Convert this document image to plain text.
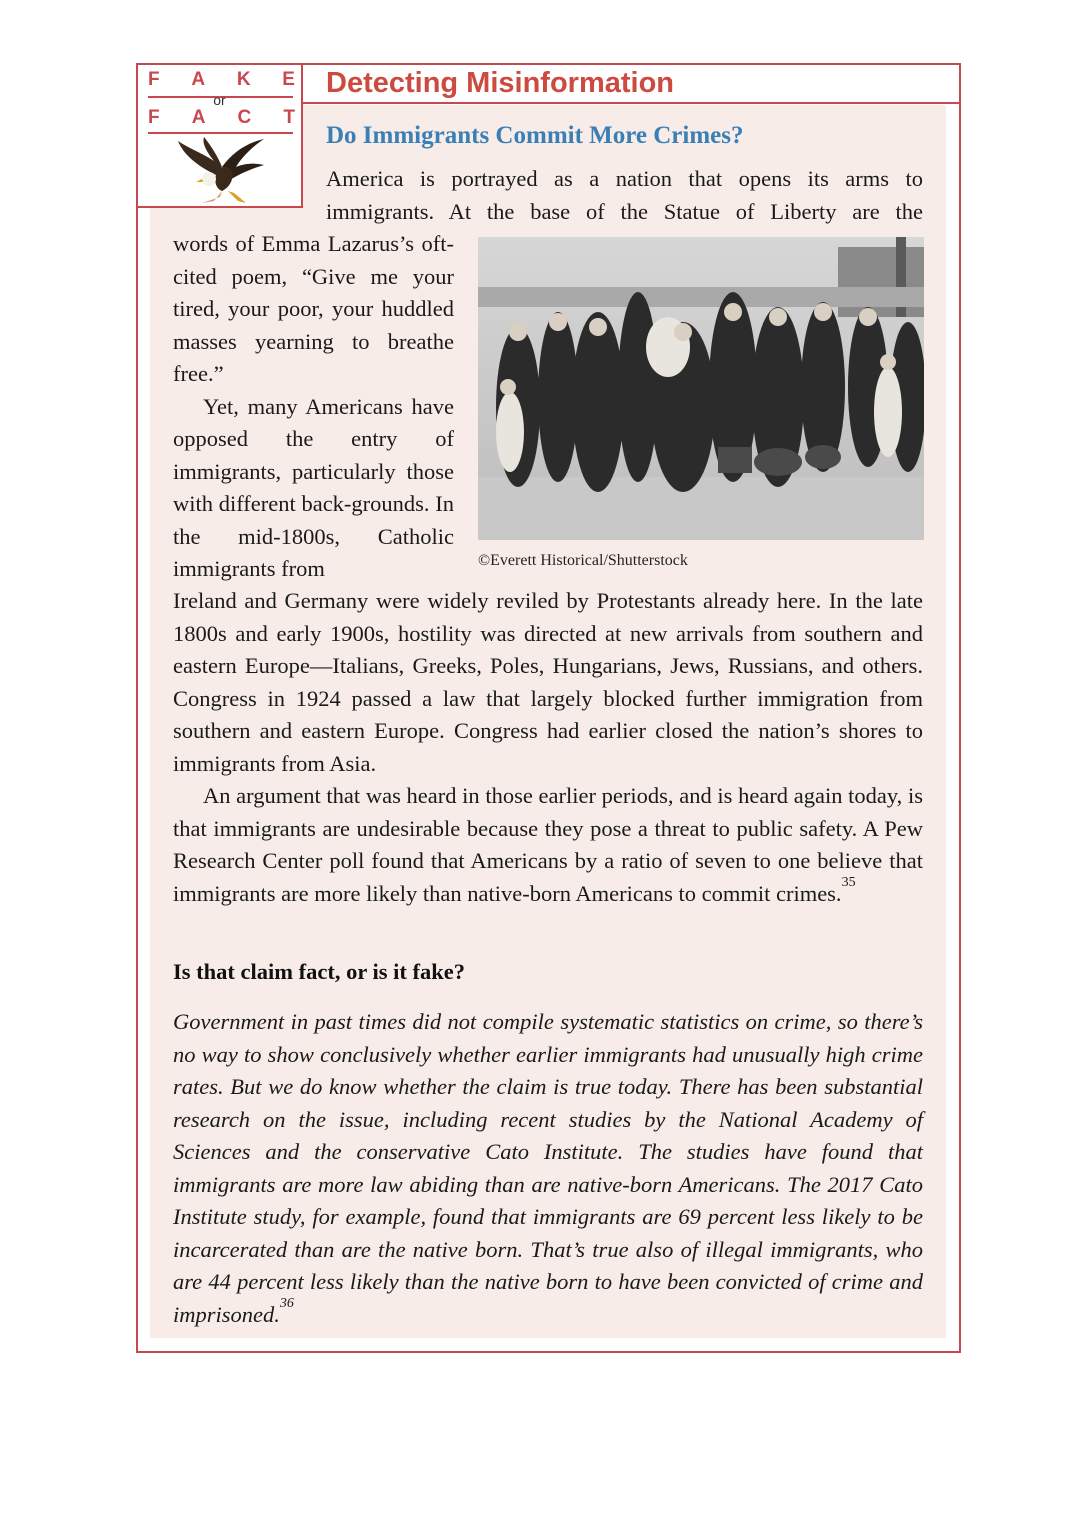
F A K E
or
F A C T
Detecting Misinformation
Do Immigrants Commit More Crimes?
America is portrayed as a nation that opens its arms to immigrants. At the base of the Statue of Liberty are the

words of Emma Lazarus’s oft-cited poem, “Give me your tired, your poor, your huddled masses yearning to breathe free.”

Yet, many Americans have opposed the entry of immigrants, particularly those with different back-grounds. In the mid-1800s, Catholic immigrants from	©Everett Historical/Shutterstock

Ireland and Germany were widely reviled by Protestants already here. In the late 1800s and early 1900s, hostility was directed at new arrivals from southern and eastern Europe—Italians, Greeks, Poles, Hungarians, Jews, Russians, and others. Congress in 1924 passed a law that largely blocked further immigration from southern and eastern Europe. Congress had earlier closed the nation’s shores to immigrants from Asia.

An argument that was heard in those earlier periods, and is heard again today, is that immigrants are undesirable because they pose a threat to public safety. A Pew Research Center poll found that Americans by a ratio of seven to one believe that immigrants are more likely than native-born Americans to commit crimes.$^{35}$

Is that claim fact, or is it fake?
Government in past times did not compile systematic statistics on crime, so there’s no way to show conclusively whether earlier immigrants had unusually high crime rates. But we do know whether the claim is true today. There has been substantial research on the issue, including recent studies by the National Academy of Sciences and the conservative Cato Institute. The studies have found that immigrants are more law abiding than are native-born Americans. The 2017 Cato Institute study, for example, found that immigrants are 69 percent less likely to be incarcerated than are the native born. That’s true also of illegal immigrants, who are 44 percent less likely than the native born to have been convicted of crime and imprisoned.$^{36}$
